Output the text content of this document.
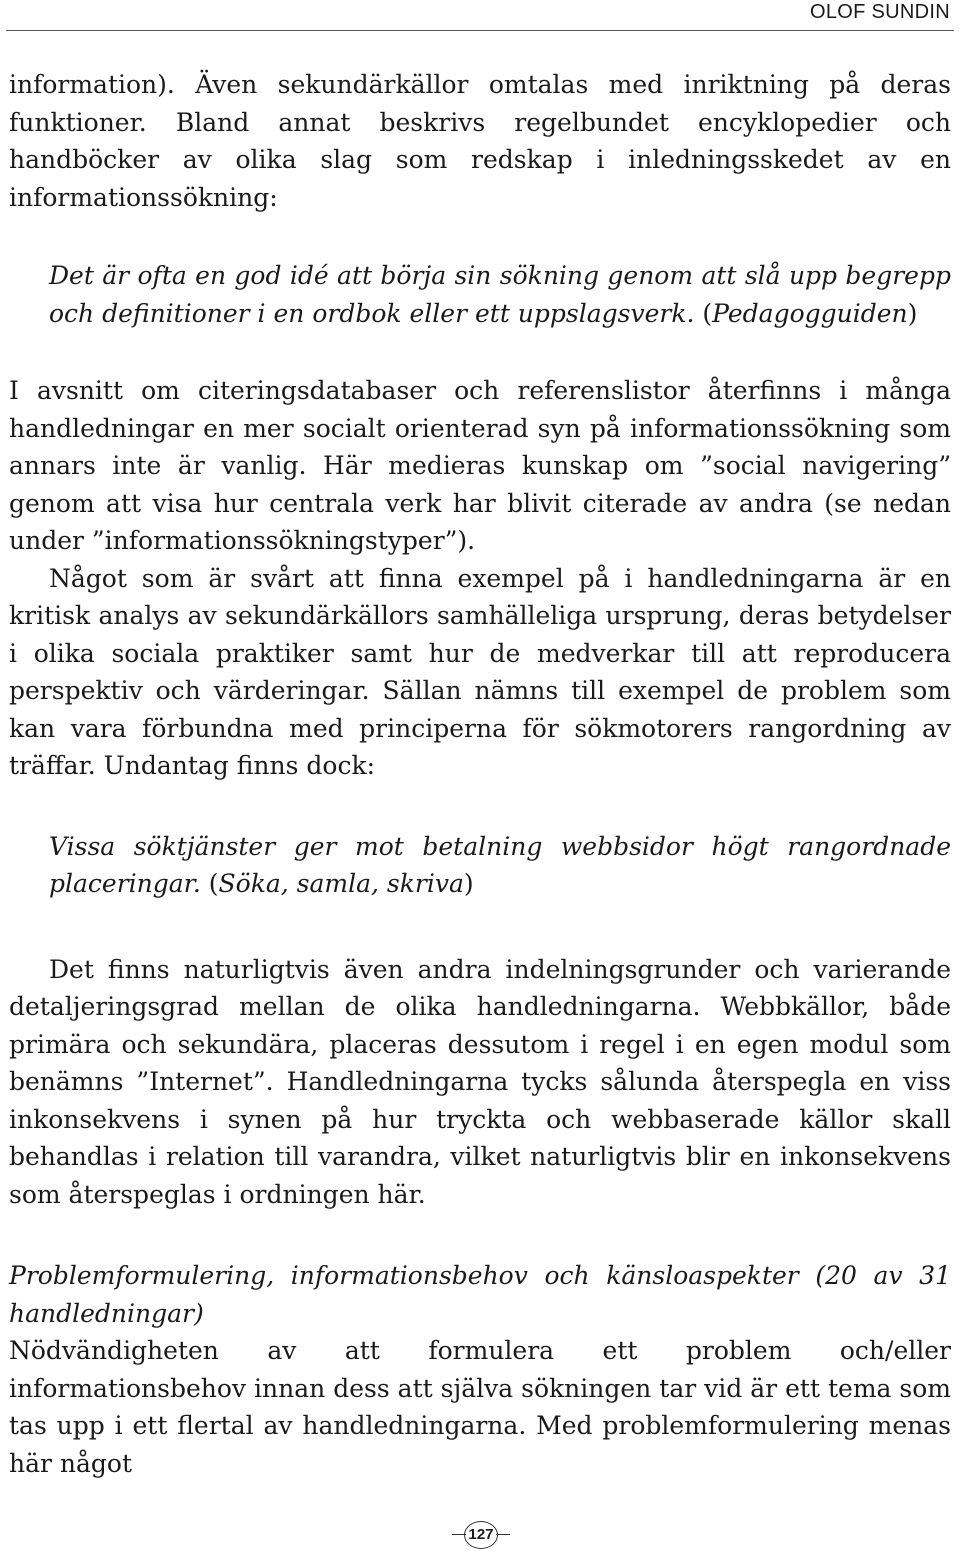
OLOF SUNDIN

information). Även sekundärkällor omtalas med inriktning på deras funktioner. Bland annat beskrivs regelbundet encyklopedier och handböcker av olika slag som redskap i inledningsskedet av en informationssökning:

Det är ofta en god idé att börja sin sökning genom att slå upp begrepp och definitioner i en ordbok eller ett uppslagsverk. (Pedagogguiden)

I avsnitt om citeringsdatabaser och referenslistor återfinns i många handledningar en mer socialt orienterad syn på informationssökning som annars inte är vanlig. Här medieras kunskap om ”social navigering” genom att visa hur centrala verk har blivit citerade av andra (se nedan under ”informationssökningstyper”).

Något som är svårt att finna exempel på i handledningarna är en kritisk analys av sekundärkällors samhälleliga ursprung, deras betydelser i olika sociala praktiker samt hur de medverkar till att reproducera perspektiv och värderingar. Sällan nämns till exempel de problem som kan vara förbundna med principerna för sökmotorers rangordning av träffar. Undantag finns dock:

Vissa söktjänster ger mot betalning webbsidor högt rangordnade placeringar. (Söka, samla, skriva)

Det finns naturligtvis även andra indelningsgrunder och varierande detaljeringsgrad mellan de olika handledningarna. Webbkällor, både primära och sekundära, placeras dessutom i regel i en egen modul som benämns ”Internet”. Handledningarna tycks sålunda återspegla en viss inkonsekvens i synen på hur tryckta och webbaserade källor skall behandlas i relation till varandra, vilket naturligtvis blir en inkonsekvens som återspeglas i ordningen här.

Problemformulering, informationsbehov och känsloaspekter (20 av 31 handledningar)

Nödvändigheten av att formulera ett problem och/eller informationsbehov innan dess att själva sökningen tar vid är ett tema som tas upp i ett flertal av handledningarna. Med problemformulering menas här något

127
